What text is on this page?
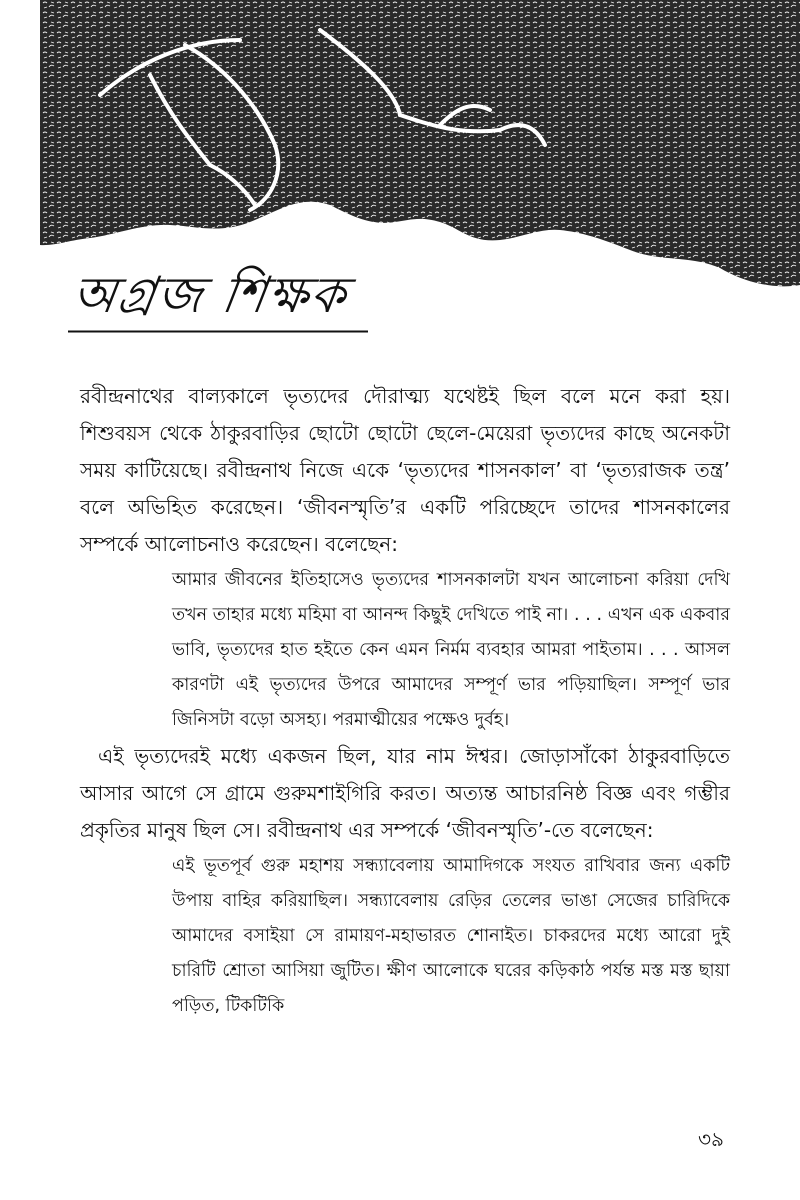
অগ্রজ শিক্ষক

রবীন্দ্রনাথের বাল্যকালে ভৃত্যদের দৌরাত্ম্য যথেষ্টই ছিল বলে মনে করা হয়। শিশুবয়স থেকে ঠাকুরবাড়ির ছোটো ছোটো ছেলে-মেয়েরা ভৃত্যদের কাছে অনেকটা সময় কাটিয়েছে। রবীন্দ্রনাথ নিজে একে ‘ভৃত্যদের শাসনকাল’ বা ‘ভৃত্যরাজক তন্ত্র’ বলে অভিহিত করেছেন। ‘জীবনস্মৃতি’র একটি পরিচ্ছেদে তাদের শাসনকালের সম্পর্কে আলোচনাও করেছেন। বলেছেন:

আমার জীবনের ইতিহাসেও ভৃত্যদের শাসনকালটা যখন আলোচনা করিয়া দেখি তখন তাহার মধ্যে মহিমা বা আনন্দ কিছুই দেখিতে পাই না। . . . এখন এক একবার ভাবি, ভৃত্যদের হাত হইতে কেন এমন নির্মম ব্যবহার আমরা পাইতাম। . . . আসল কারণটা এই ভৃত্যদের উপরে আমাদের সম্পূর্ণ ভার পড়িয়াছিল। সম্পূর্ণ ভার জিনিসটা বড়ো অসহ্য। পরমাত্মীয়ের পক্ষেও দুর্বহ।

এই ভৃত্যদেরই মধ্যে একজন ছিল, যার নাম ঈশ্বর। জোড়াসাঁকো ঠাকুরবাড়িতে আসার আগে সে গ্রামে গুরুমশাইগিরি করত। অত্যন্ত আচারনিষ্ঠ বিজ্ঞ এবং গম্ভীর প্রকৃতির মানুষ ছিল সে। রবীন্দ্রনাথ এর সম্পর্কে ‘জীবনস্মৃতি’-তে বলেছেন:

এই ভূতপূর্ব গুরু মহাশয় সন্ধ্যাবেলায় আমাদিগকে সংযত রাখিবার জন্য একটি উপায় বাহির করিয়াছিল। সন্ধ্যাবেলায় রেড়ির তেলের ভাঙা সেজের চারিদিকে আমাদের বসাইয়া সে রামায়ণ-মহাভারত শোনাইত। চাকরদের মধ্যে আরো দুই চারিটি শ্রোতা আসিয়া জুটিত। ক্ষীণ আলোকে ঘরের কড়িকাঠ পর্যন্ত মস্ত মস্ত ছায়া পড়িত, টিকটিকি

৩৯
